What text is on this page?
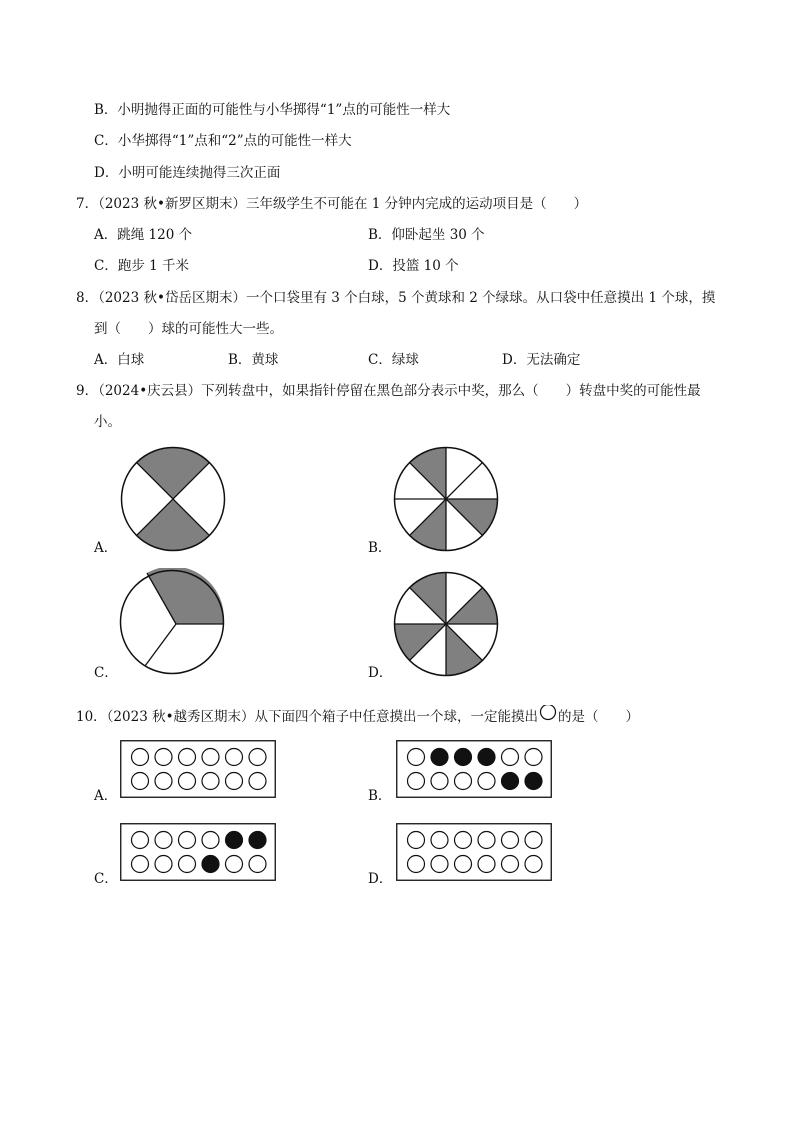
B．小明抛得正面的可能性与小华掷得“1”点的可能性一样大
C．小华掷得“1”点和“2”点的可能性一样大
D．小明可能连续抛得三次正面
7．（2023 秋•新罗区期末）三年级学生不可能在 1 分钟内完成的运动项目是（　　）
A．跳绳 120 个	B．仰卧起坐 30 个
C．跑步 1 千米	D．投篮 10 个
8．（2023 秋•岱岳区期末）一个口袋里有 3 个白球，5 个黄球和 2 个绿球。从口袋中任意摸出 1 个球，摸
到（　　）球的可能性大一些。
A．白球	B．黄球	C．绿球	D．无法确定
9．（2024•庆云县）下列转盘中，如果指针停留在黑色部分表示中奖，那么（　　）转盘中奖的可能性最
小。
A．	B．
C．	D．
10．（2023 秋•越秀区期末）从下面四个箱子中任意摸出一个球，一定能摸出 的是（　　）
A．	B．
C．	D．
